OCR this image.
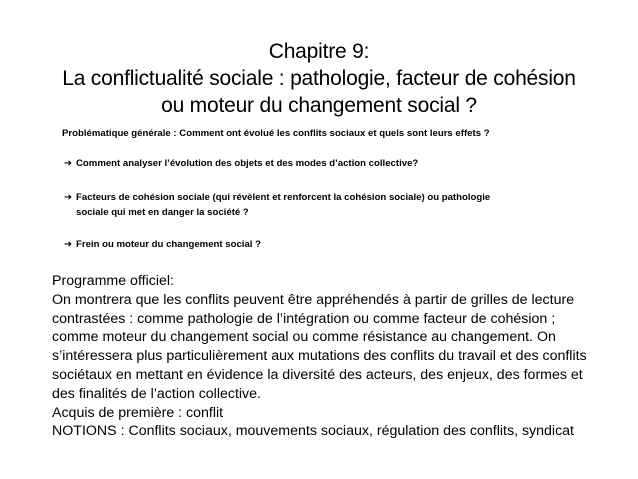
Chapitre 9:
La conflictualité sociale : pathologie, facteur de cohésion
ou moteur du changement social ?
Problématique générale : Comment ont évolué les conflits sociaux et quels sont leurs effets ?
➔ Comment analyser l’évolution des objets et des modes d’action collective?
➔ Facteurs de cohésion sociale (qui révèlent et renforcent la cohésion sociale) ou pathologie
sociale qui met en danger la société ?
➔ Frein ou moteur du changement social ?
Programme officiel:
On montrera que les conflits peuvent être appréhendés à partir de grilles de lecture
contrastées : comme pathologie de l’intégration ou comme facteur de cohésion ;
comme moteur du changement social ou comme résistance au changement. On
s’intéressera plus particulièrement aux mutations des conflits du travail et des conflits
sociétaux en mettant en évidence la diversité des acteurs, des enjeux, des formes et
des finalités de l’action collective.
Acquis de première : conflit
NOTIONS : Conflits sociaux, mouvements sociaux, régulation des conflits, syndicat
